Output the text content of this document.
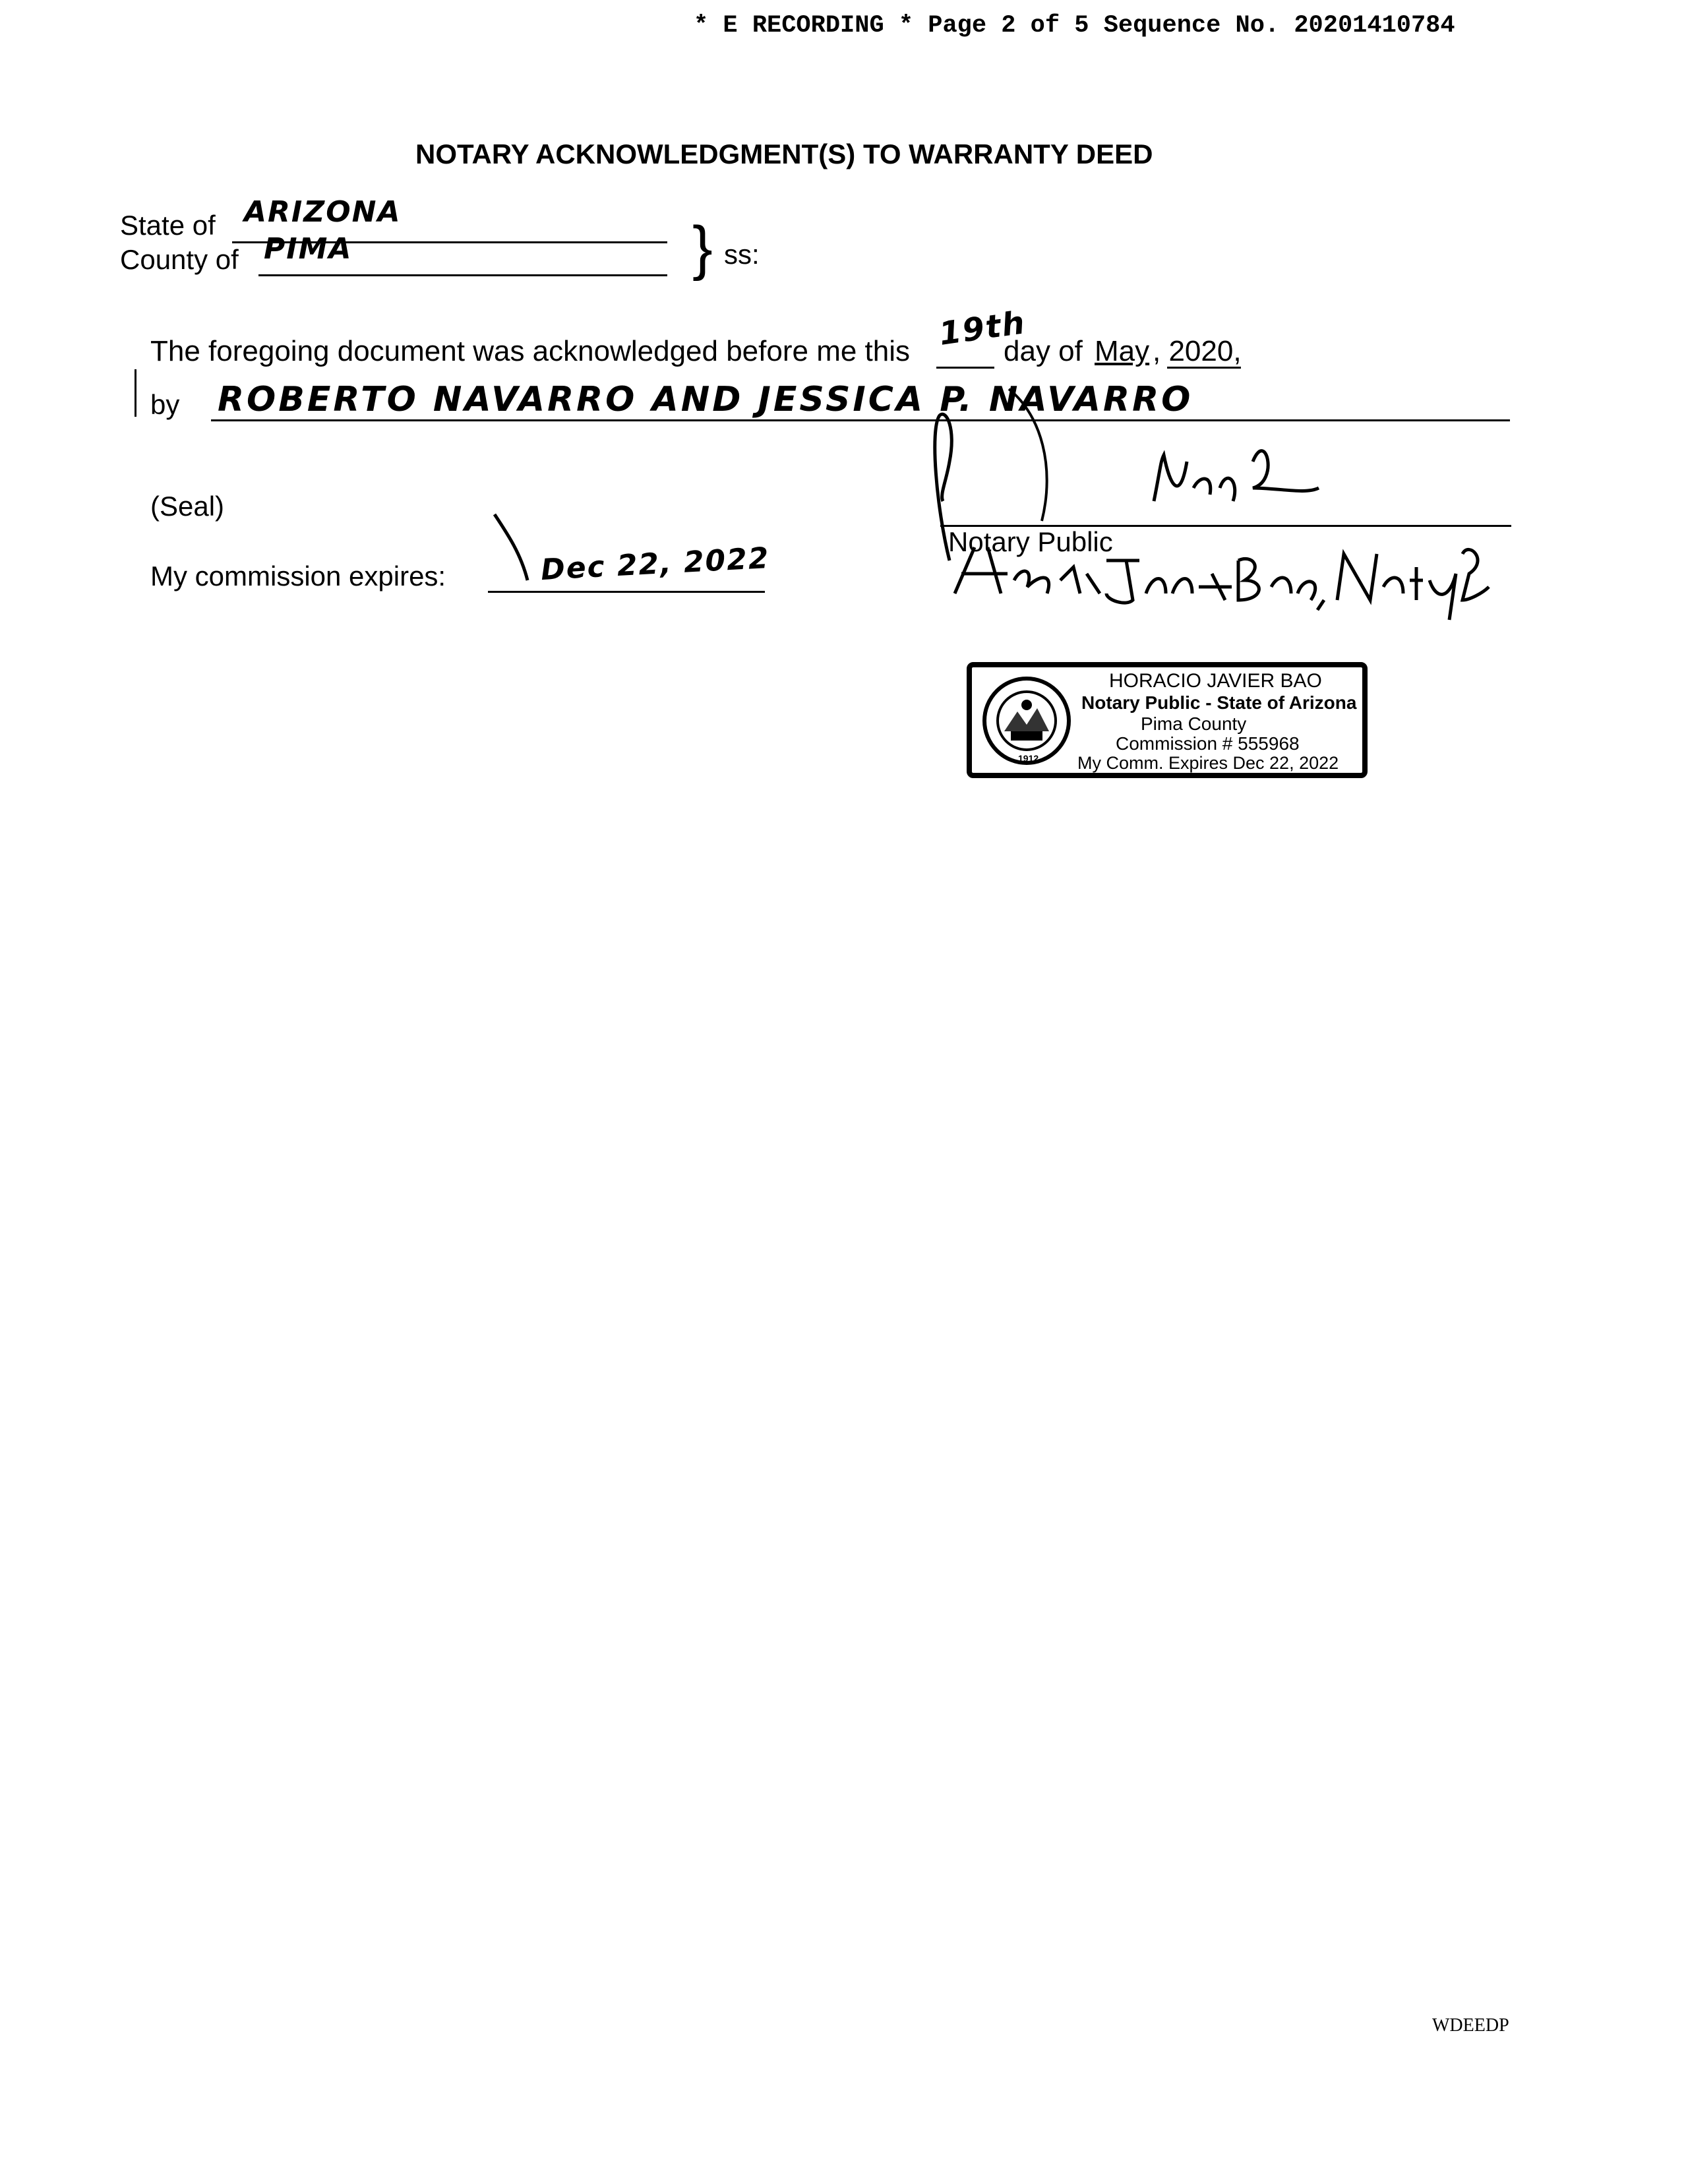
* E RECORDING * Page 2 of 5 Sequence No. 20201410784
NOTARY ACKNOWLEDGMENT(S) TO WARRANTY DEED
State of ARIZONA
County of PIMA	} ss:
The foregoing document was acknowledged before me this 19th
day of May , 2020,
by ROBERTO NAVARRO AND JESSICA P. NAVARRO
(Seal)
Notary Public
My commission expires:	Dec 22, 2022
1912
HORACIO JAVIER BAO
Notary Public - State of Arizona
Pima County
Commission # 555968
My Comm. Expires Dec 22, 2022
WDEEDP
